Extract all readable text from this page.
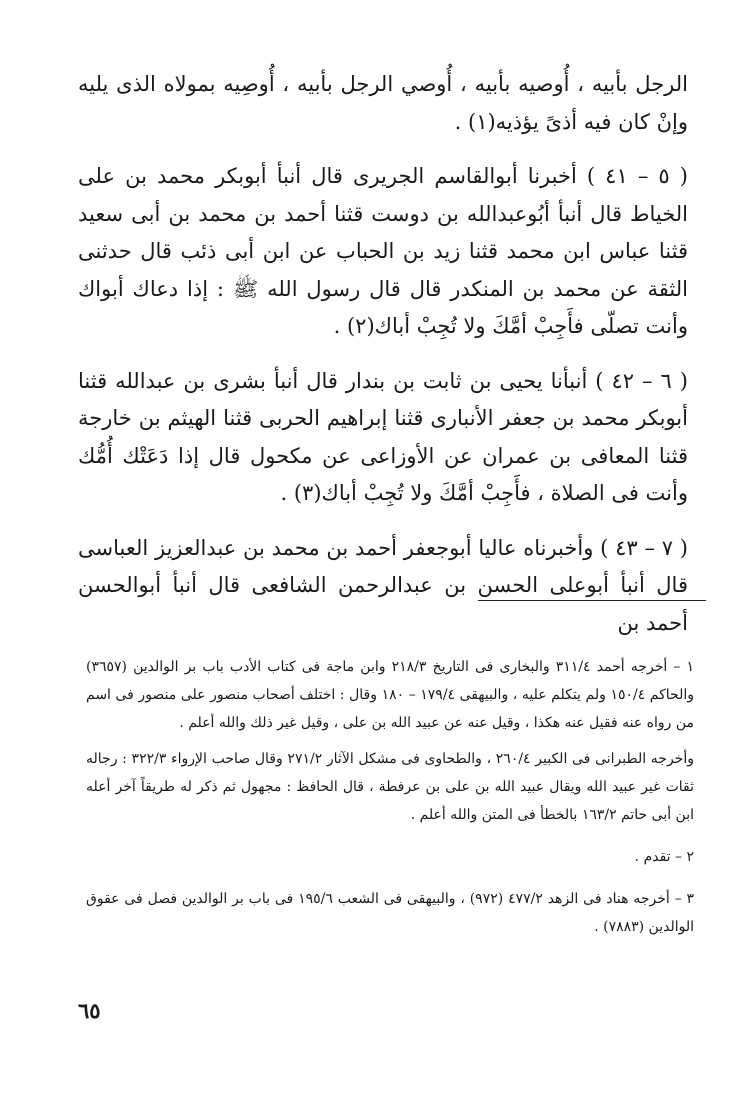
الرجل بأبيه ، أُوصيه بأبيه ، أُوصي الرجل بأبيه ، أُوصِيه بمولاه الذى يليه وإنْ كان فيه أذىً يؤذيه(١) .

( ٥ – ٤١ ) أخبرنا أبوالقاسم الجريرى قال أنبأ أبوبكر محمد بن على الخياط قال أنبأ أبُوعبدالله بن دوست قثنا أحمد بن محمد بن أبى سعيد قثنا عباس ابن محمد قثنا زيد بن الحباب عن ابن أبى ذئب قال حدثنى الثقة عن محمد بن المنكدر قال قال رسول الله ﷺ : إذا دعاك أبواك وأنت تصلّى فأَجِبْ أمَّكَ ولا تُجِبْ أباك(٢) .

( ٦ – ٤٢ ) أنبأنا يحيى بن ثابت بن بندار قال أنبأ بشرى بن عبدالله قثنا أبوبكر محمد بن جعفر الأنبارى قثنا إبراهيم الحربى قثنا الهيثم بن خارجة قثنا المعافى بن عمران عن الأوزاعى عن مكحول قال إذا دَعَتْك أُمُّك وأنت فى الصلاة ، فأَجِبْ أمَّكَ ولا تُجِبْ أباك(٣) .

( ٧ – ٤٣ ) وأخبرناه عاليا أبوجعفر أحمد بن محمد بن عبدالعزيز العباسى قال أنبأ أبوعلى الحسن بن عبدالرحمن الشافعى قال أنبأ أبوالحسن أحمد بن

١ – أخرجه أحمد ٣١١/٤ والبخارى فى التاريخ ٢١٨/٣ وابن ماجة فى كتاب الأدب باب بر الوالدين (٣٦٥٧) والحاكم ١٥٠/٤ ولم يتكلم عليه ، والبيهقى ١٧٩/٤ – ١٨٠ وقال : اختلف أصحاب منصور على منصور فى اسم من رواه عنه فقيل عنه هكذا ، وقيل عنه عن عبيد الله بن على ، وقيل غير ذلك والله أعلم .

وأخرجه الطبرانى فى الكبير ٢٦٠/٤ ، والطحاوى فى مشكل الآثار ٢٧١/٢ وقال صاحب الإرواء ٣٢٢/٣ : رجاله ثقات غير عبيد الله ويقال عبيد الله بن على بن عرفطة ، قال الحافظ : مجهول ثم ذكر له طريقاً آخر أعله ابن أبى حاتم ١٦٣/٢ بالخطأ فى المتن والله أعلم .

٢ – تقدم .

٣ – أخرجه هناد فى الزهد ٤٧٧/٢ (٩٧٢) ، والبيهقى فى الشعب ١٩٥/٦ فى باب بر الوالدين فصل فى عقوق الوالدين (٧٨٨٣) .

٦٥
